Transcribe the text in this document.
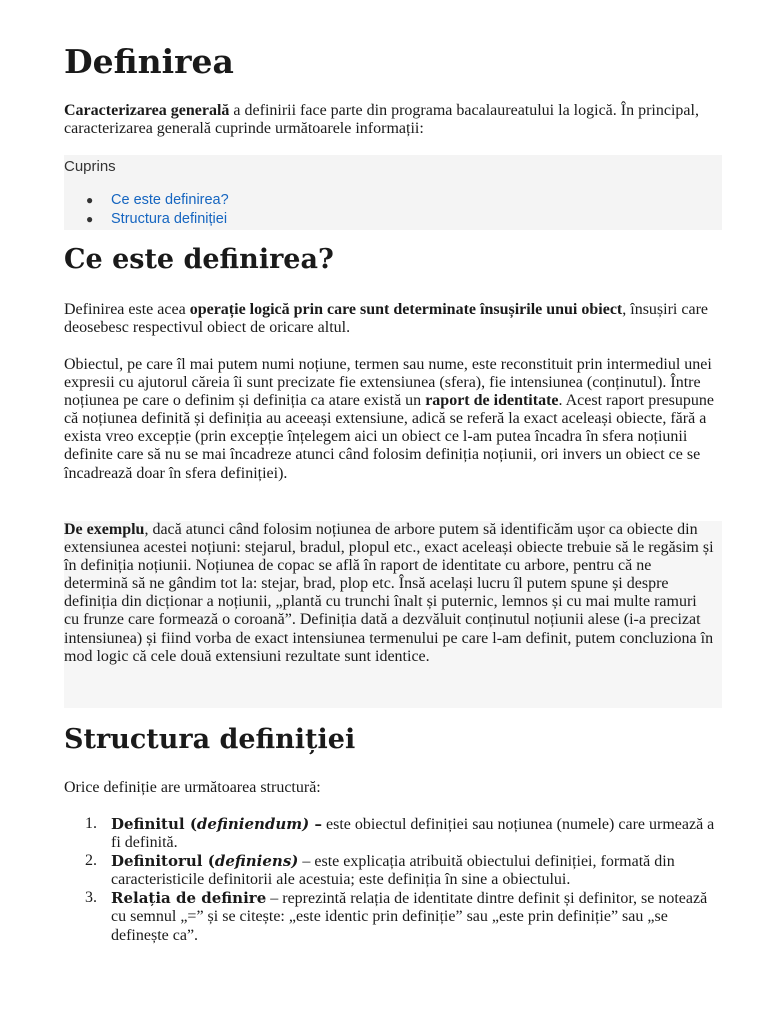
Definirea

Caracterizarea generală a definirii face parte din programa bacalaureatului la logică. În principal, caracterizarea generală cuprinde următoarele informații:

Cuprins
● Ce este definirea?
● Structura definiției
Ce este definirea?

Definirea este acea operație logică prin care sunt determinate însușirile unui obiect, însușiri care deosebesc respectivul obiect de oricare altul.

Obiectul, pe care îl mai putem numi noțiune, termen sau nume, este reconstituit prin intermediul unei expresii cu ajutorul căreia îi sunt precizate fie extensiunea (sfera), fie intensiunea (conținutul). Între noțiunea pe care o definim și definiția ca atare există un raport de identitate. Acest raport presupune că noțiunea definită și definiția au aceeași extensiune, adică se referă la exact aceleași obiecte, fără a exista vreo excepție (prin excepție înțelegem aici un obiect ce l-am putea încadra în sfera noțiunii definite care să nu se mai încadreze atunci când folosim definiția noțiunii, ori invers un obiect ce se încadrează doar în sfera definiției).

De exemplu, dacă atunci când folosim noțiunea de arbore putem să identificăm ușor ca obiecte din extensiunea acestei noțiuni: stejarul, bradul, plopul etc., exact aceleași obiecte trebuie să le regăsim și în definiția noțiunii. Noțiunea de copac se află în raport de identitate cu arbore, pentru că ne determină să ne gândim tot la: stejar, brad, plop etc. Însă același lucru îl putem spune și despre definiția din dicționar a noțiunii, „plantă cu trunchi înalt și puternic, lemnos și cu mai multe ramuri cu frunze care formează o coroană”. Definiția dată a dezvăluit conținutul noțiunii alese (i-a precizat intensiunea) și fiind vorba de exact intensiunea termenului pe care l-am definit, putem concluziona în mod logic că cele două extensiuni rezultate sunt identice.

Structura definiției

Orice definiție are următoarea structură:

1. Definitul (definiendum) – este obiectul definiției sau noțiunea (numele) care urmează a fi definită.
2. Definitorul (definiens) – este explicația atribuită obiectului definiției, formată din caracteristicile definitorii ale acestuia; este definiția în sine a obiectului.
3. Relația de definire – reprezintă relația de identitate dintre definit și definitor, se notează cu semnul „=” și se citește: „este identic prin definiție” sau „este prin definiție” sau „se definește ca”.
